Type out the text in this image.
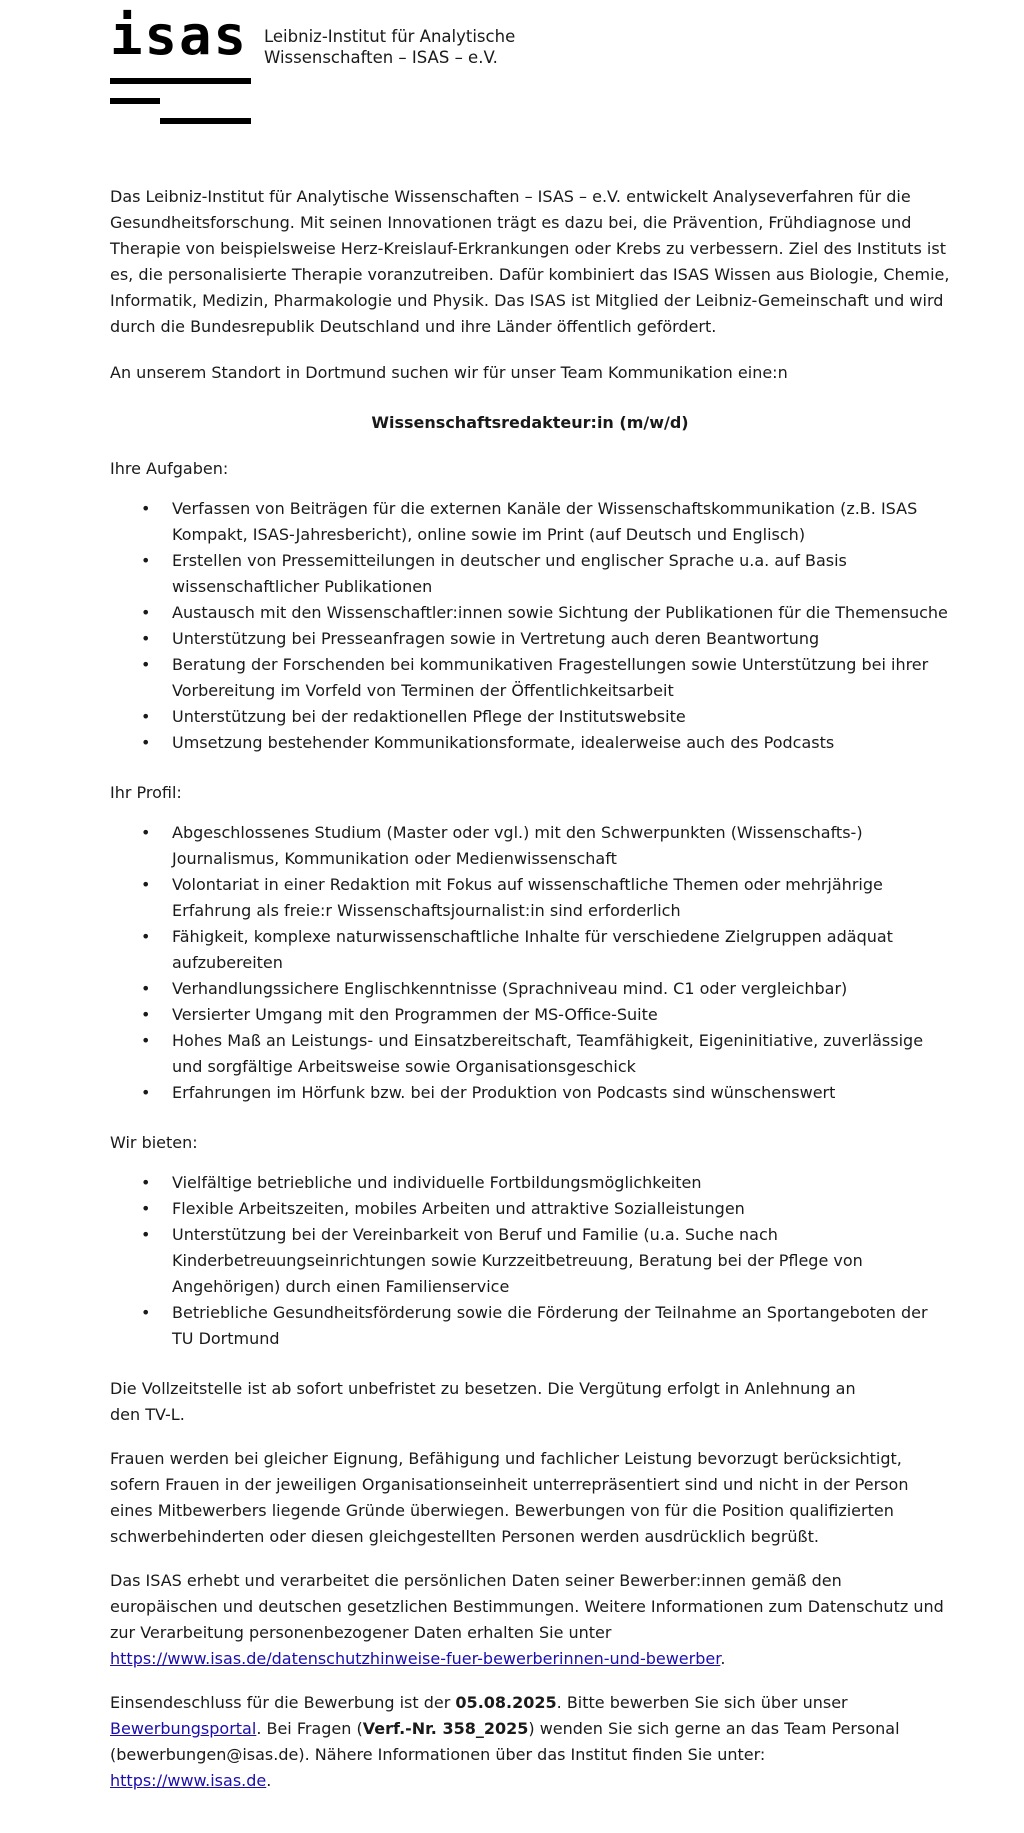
isas Leibniz-Institut für Analytische
Wissenschaften – ISAS – e.V.

Das Leibniz-Institut für Analytische Wissenschaften – ISAS – e.V. entwickelt Analyseverfahren für die Gesundheitsforschung. Mit seinen Innovationen trägt es dazu bei, die Prävention, Frühdiagnose und Therapie von beispielsweise Herz-Kreislauf-Erkrankungen oder Krebs zu verbessern. Ziel des Instituts ist es, die personalisierte Therapie voranzutreiben. Dafür kombiniert das ISAS Wissen aus Biologie, Chemie, Informatik, Medizin, Pharmakologie und Physik. Das ISAS ist Mitglied der Leibniz-Gemeinschaft und wird durch die Bundesrepublik Deutschland und ihre Länder öffentlich gefördert.

An unserem Standort in Dortmund suchen wir für unser Team Kommunikation eine:n

Wissenschaftsredakteur:in (m/w/d)

Ihre Aufgaben:

• Verfassen von Beiträgen für die externen Kanäle der Wissenschaftskommunikation (z.B. ISAS Kompakt, ISAS-Jahresbericht), online sowie im Print (auf Deutsch und Englisch)
• Erstellen von Pressemitteilungen in deutscher und englischer Sprache u.a. auf Basis wissenschaftlicher Publikationen
• Austausch mit den Wissenschaftler:innen sowie Sichtung der Publikationen für die Themensuche
• Unterstützung bei Presseanfragen sowie in Vertretung auch deren Beantwortung
• Beratung der Forschenden bei kommunikativen Fragestellungen sowie Unterstützung bei ihrer Vorbereitung im Vorfeld von Terminen der Öffentlichkeitsarbeit
• Unterstützung bei der redaktionellen Pflege der Institutswebsite
• Umsetzung bestehender Kommunikationsformate, idealerweise auch des Podcasts

Ihr Profil:

• Abgeschlossenes Studium (Master oder vgl.) mit den Schwerpunkten (Wissenschafts-) Journalismus, Kommunikation oder Medienwissenschaft
• Volontariat in einer Redaktion mit Fokus auf wissenschaftliche Themen oder mehrjährige Erfahrung als freie:r Wissenschaftsjournalist:in sind erforderlich
• Fähigkeit, komplexe naturwissenschaftliche Inhalte für verschiedene Zielgruppen adäquat aufzubereiten
• Verhandlungssichere Englischkenntnisse (Sprachniveau mind. C1 oder vergleichbar)
• Versierter Umgang mit den Programmen der MS-Office-Suite
• Hohes Maß an Leistungs- und Einsatzbereitschaft, Teamfähigkeit, Eigeninitiative, zuverlässige und sorgfältige Arbeitsweise sowie Organisationsgeschick
• Erfahrungen im Hörfunk bzw. bei der Produktion von Podcasts sind wünschenswert

Wir bieten:

• Vielfältige betriebliche und individuelle Fortbildungsmöglichkeiten
• Flexible Arbeitszeiten, mobiles Arbeiten und attraktive Sozialleistungen
• Unterstützung bei der Vereinbarkeit von Beruf und Familie (u.a. Suche nach Kinderbetreuungseinrichtungen sowie Kurzzeitbetreuung, Beratung bei der Pflege von Angehörigen) durch einen Familienservice
• Betriebliche Gesundheitsförderung sowie die Förderung der Teilnahme an Sportangeboten der TU Dortmund

Die Vollzeitstelle ist ab sofort unbefristet zu besetzen. Die Vergütung erfolgt in Anlehnung an
den TV-L.

Frauen werden bei gleicher Eignung, Befähigung und fachlicher Leistung bevorzugt berücksichtigt, sofern Frauen in der jeweiligen Organisationseinheit unterrepräsentiert sind und nicht in der Person eines Mitbewerbers liegende Gründe überwiegen. Bewerbungen von für die Position qualifizierten schwerbehinderten oder diesen gleichgestellten Personen werden ausdrücklich begrüßt.

Das ISAS erhebt und verarbeitet die persönlichen Daten seiner Bewerber:innen gemäß den europäischen und deutschen gesetzlichen Bestimmungen. Weitere Informationen zum Datenschutz und zur Verarbeitung personenbezogener Daten erhalten Sie unter
https://www.isas.de/datenschutzhinweise-fuer-bewerberinnen-und-bewerber.

Einsendeschluss für die Bewerbung ist der 05.08.2025. Bitte bewerben Sie sich über unser
Bewerbungsportal. Bei Fragen (Verf.-Nr. 358_2025) wenden Sie sich gerne an das Team Personal (bewerbungen@isas.de). Nähere Informationen über das Institut finden Sie unter:
https://www.isas.de.
